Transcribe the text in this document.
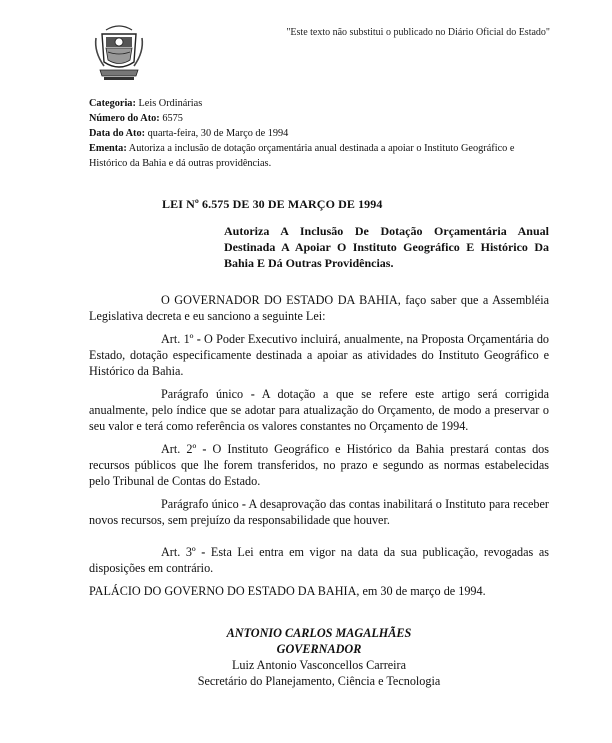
"Este texto não substitui o publicado no Diário Oficial do Estado"
Categoria: Leis Ordinárias
Número do Ato: 6575
Data do Ato: quarta-feira, 30 de Março de 1994
Ementa: Autoriza a inclusão de dotação orçamentária anual destinada a apoiar o Instituto Geográfico e Histórico da Bahia e dá outras providências.
LEI Nº 6.575 DE 30 DE MARÇO DE 1994
Autoriza A Inclusão De Dotação Orçamentária Anual Destinada A Apoiar O Instituto Geográfico E Histórico Da Bahia E Dá Outras Providências.
O GOVERNADOR DO ESTADO DA BAHIA, faço saber que a Assembléia Legislativa decreta e eu sanciono a seguinte Lei:
Art. 1º - O Poder Executivo incluirá, anualmente, na Proposta Orçamentária do Estado, dotação especificamente destinada a apoiar as atividades do Instituto Geográfico e Histórico da Bahia.
Parágrafo único - A dotação a que se refere este artigo será corrigida anualmente, pelo índice que se adotar para atualização do Orçamento, de modo a preservar o seu valor e terá como referência os valores constantes no Orçamento de 1994.
Art. 2º - O Instituto Geográfico e Histórico da Bahia prestará contas dos recursos públicos que lhe forem transferidos, no prazo e segundo as normas estabelecidas pelo Tribunal de Contas do Estado.
Parágrafo único - A desaprovação das contas inabilitará o Instituto para receber novos recursos, sem prejuízo da responsabilidade que houver.
Art. 3º - Esta Lei entra em vigor na data da sua publicação, revogadas as disposições em contrário.
PALÁCIO DO GOVERNO DO ESTADO DA BAHIA, em 30 de março de 1994.
ANTONIO CARLOS MAGALHÃES
GOVERNADOR
Luiz Antonio Vasconcellos Carreira
Secretário do Planejamento, Ciência e Tecnologia
